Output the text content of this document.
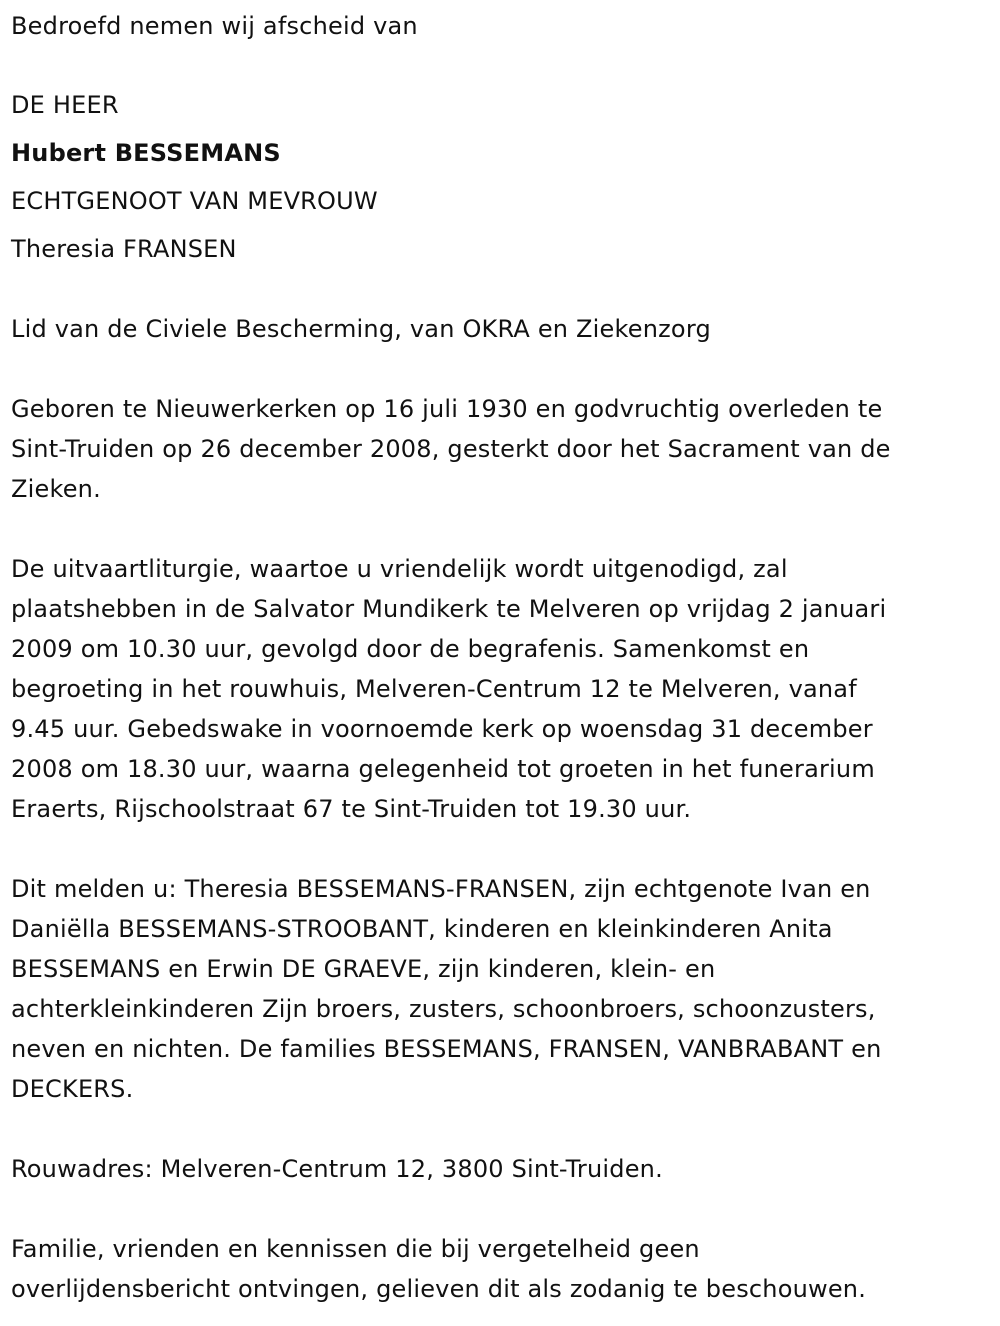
Bedroefd nemen wij afscheid van
DE HEER
Hubert BESSEMANS
ECHTGENOOT VAN MEVROUW
Theresia FRANSEN
Lid van de Civiele Bescherming, van OKRA en Ziekenzorg
Geboren te Nieuwerkerken op 16 juli 1930 en godvruchtig overleden te
Sint-Truiden op 26 december 2008, gesterkt door het Sacrament van de
Zieken.
De uitvaartliturgie, waartoe u vriendelijk wordt uitgenodigd, zal
plaatshebben in de Salvator Mundikerk te Melveren op vrijdag 2 januari
2009 om 10.30 uur, gevolgd door de begrafenis. Samenkomst en
begroeting in het rouwhuis, Melveren-Centrum 12 te Melveren, vanaf
9.45 uur. Gebedswake in voornoemde kerk op woensdag 31 december
2008 om 18.30 uur, waarna gelegenheid tot groeten in het funerarium
Eraerts, Rijschoolstraat 67 te Sint-Truiden tot 19.30 uur.
Dit melden u: Theresia BESSEMANS-FRANSEN, zijn echtgenote Ivan en
Daniëlla BESSEMANS-STROOBANT, kinderen en kleinkinderen Anita
BESSEMANS en Erwin DE GRAEVE, zijn kinderen, klein- en
achterkleinkinderen Zijn broers, zusters, schoonbroers, schoonzusters,
neven en nichten. De families BESSEMANS, FRANSEN, VANBRABANT en
DECKERS.
Rouwadres: Melveren-Centrum 12, 3800 Sint-Truiden.
Familie, vrienden en kennissen die bij vergetelheid geen
overlijdensbericht ontvingen, gelieven dit als zodanig te beschouwen.
